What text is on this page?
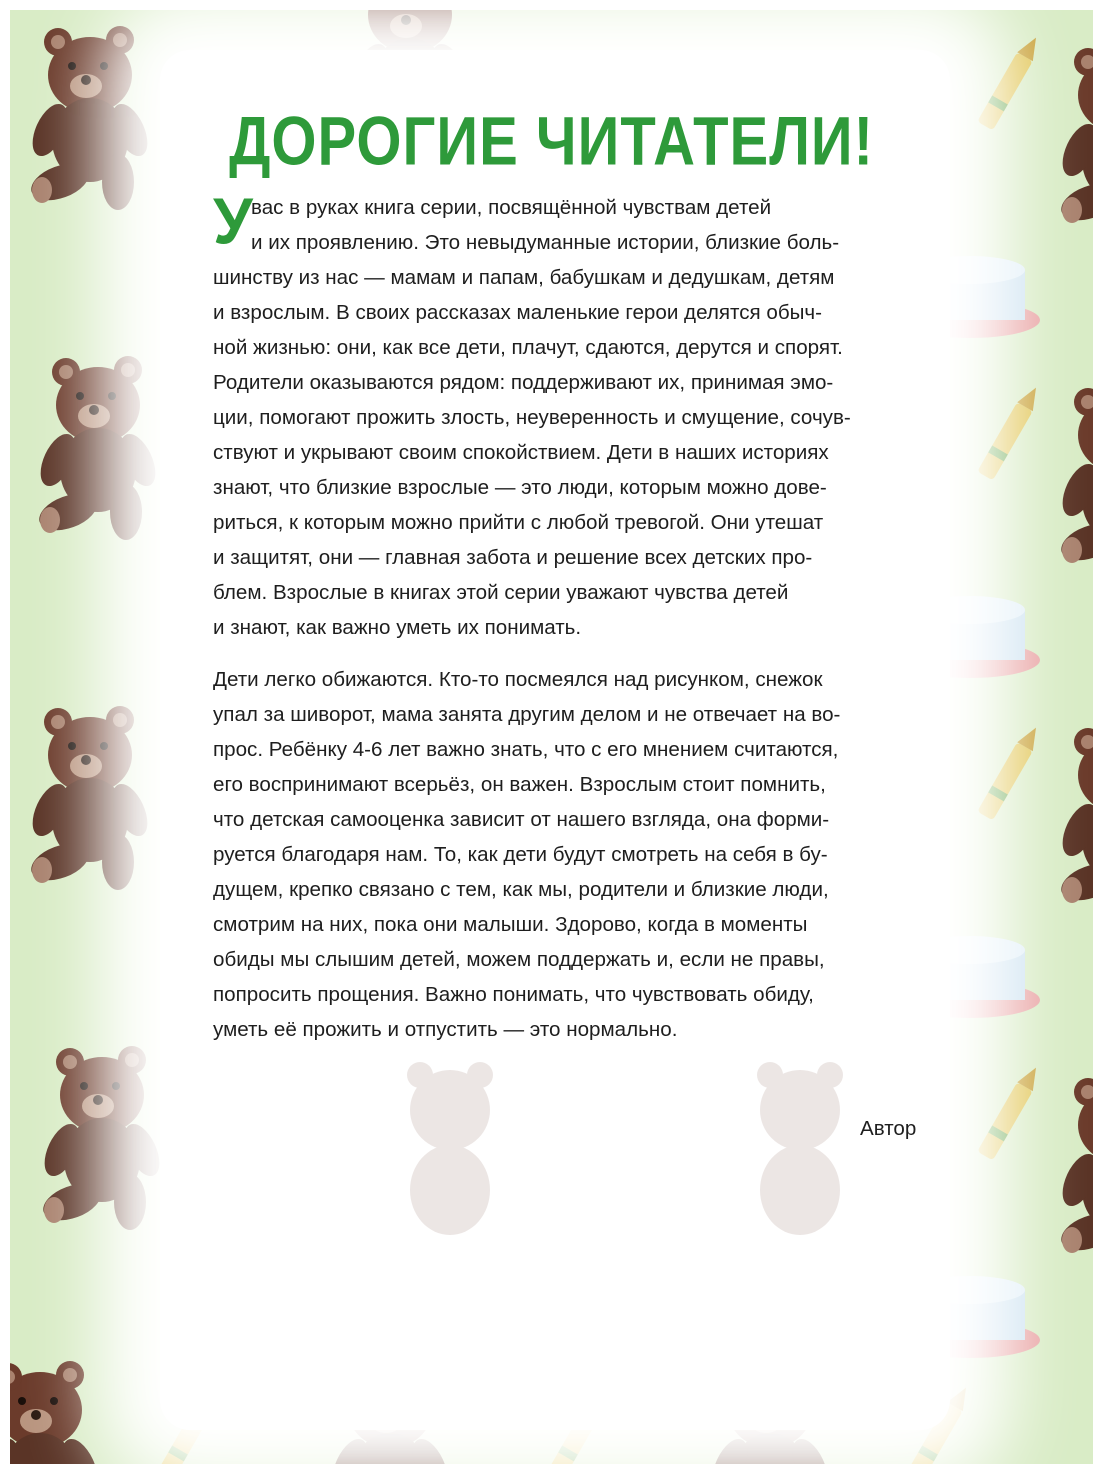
ДОРОГИЕ ЧИТАТЕЛИ!
У
вас в руках книга серии, посвящённой чувствам детей
и их проявлению. Это невыдуманные истории, близкие боль-
шинству из нас — мамам и папам, бабушкам и дедушкам, детям
и взрослым. В своих рассказах маленькие герои делятся обыч-
ной жизнью: они, как все дети, плачут, сдаются, дерутся и спорят.
Родители оказываются рядом: поддерживают их, принимая эмо-
ции, помогают прожить злость, неуверенность и смущение, сочув-
ствуют и укрывают своим спокойствием. Дети в наших историях
знают, что близкие взрослые — это люди, которым можно дове-
риться, к которым можно прийти с любой тревогой. Они утешат
и защитят, они — главная забота и решение всех детских про-
блем. Взрослые в книгах этой серии уважают чувства детей
и знают, как важно уметь их понимать.
Дети легко обижаются. Кто-то посмеялся над рисунком, снежок
упал за шиворот, мама занята другим делом и не отвечает на во-
прос. Ребёнку 4-6 лет важно знать, что с его мнением считаются,
его воспринимают всерьёз, он важен. Взрослым стоит помнить,
что детская самооценка зависит от нашего взгляда, она форми-
руется благодаря нам. То, как дети будут смотреть на себя в бу-
дущем, крепко связано с тем, как мы, родители и близкие люди,
смотрим на них, пока они малыши. Здорово, когда в моменты
обиды мы слышим детей, можем поддержать и, если не правы,
попросить прощения. Важно понимать, что чувствовать обиду,
уметь её прожить и отпустить — это нормально.
Автор
